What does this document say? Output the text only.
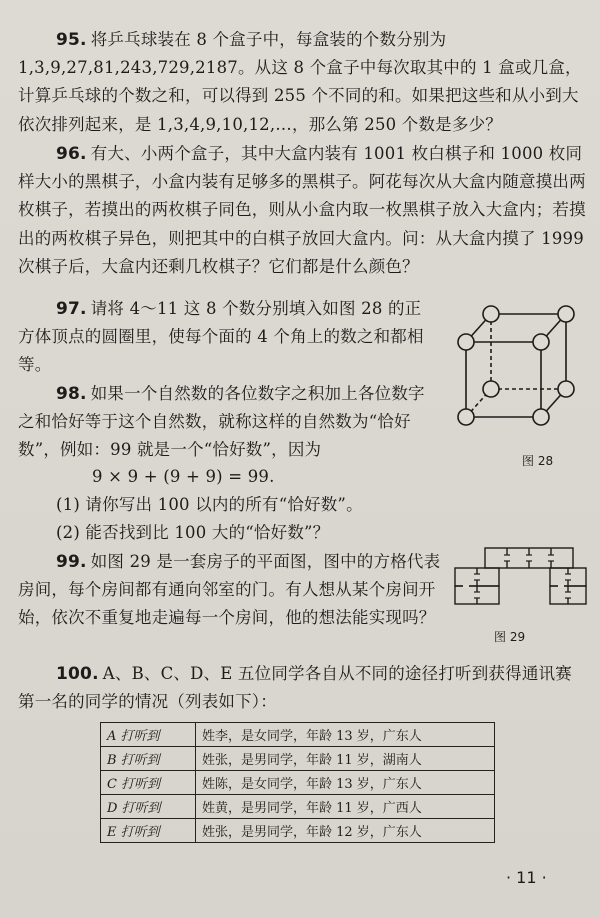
95. 将乒乓球装在 8 个盒子中，每盒装的个数分别为 1,3,9,27,81,243,729,2187。从这 8 个盒子中每次取其中的 1 盒或几盒，计算乒乓球的个数之和，可以得到 255 个不同的和。如果把这些和从小到大依次排列起来，是 1,3,4,9,10,12,…，那么第 250 个数是多少？
96. 有大、小两个盒子，其中大盒内装有 1001 枚白棋子和 1000 枚同样大小的黑棋子，小盒内装有足够多的黑棋子。阿花每次从大盒内随意摸出两枚棋子，若摸出的两枚棋子同色，则从小盒内取一枚黑棋子放入大盒内；若摸出的两枚棋子异色，则把其中的白棋子放回大盒内。问：从大盒内摸了 1999 次棋子后，大盒内还剩几枚棋子？它们都是什么颜色？
97. 请将 4～11 这 8 个数分别填入如图 28 的正方体顶点的圆圈里，使每个面的 4 个角上的数之和都相等。
图 28
98. 如果一个自然数的各位数字之积加上各位数字之和恰好等于这个自然数，就称这样的自然数为“恰好数”，例如：99 就是一个“恰好数”，因为
9 × 9 + (9 + 9) = 99.
(1) 请你写出 100 以内的所有“恰好数”。
(2) 能否找到比 100 大的“恰好数”？
99. 如图 29 是一套房子的平面图，图中的方格代表房间，每个房间都有通向邻室的门。有人想从某个房间开始，依次不重复地走遍每一个房间，他的想法能实现吗？
图 29
100. A、B、C、D、E 五位同学各自从不同的途径打听到获得通讯赛第一名的同学的情况（列表如下）：
A 打听到	姓李，是女同学，年龄 13 岁，广东人
B 打听到	姓张，是男同学，年龄 11 岁，湖南人
C 打听到	姓陈，是女同学，年龄 13 岁，广东人
D 打听到	姓黄，是男同学，年龄 11 岁，广西人
E 打听到	姓张，是男同学，年龄 12 岁，广东人
· 11 ·
